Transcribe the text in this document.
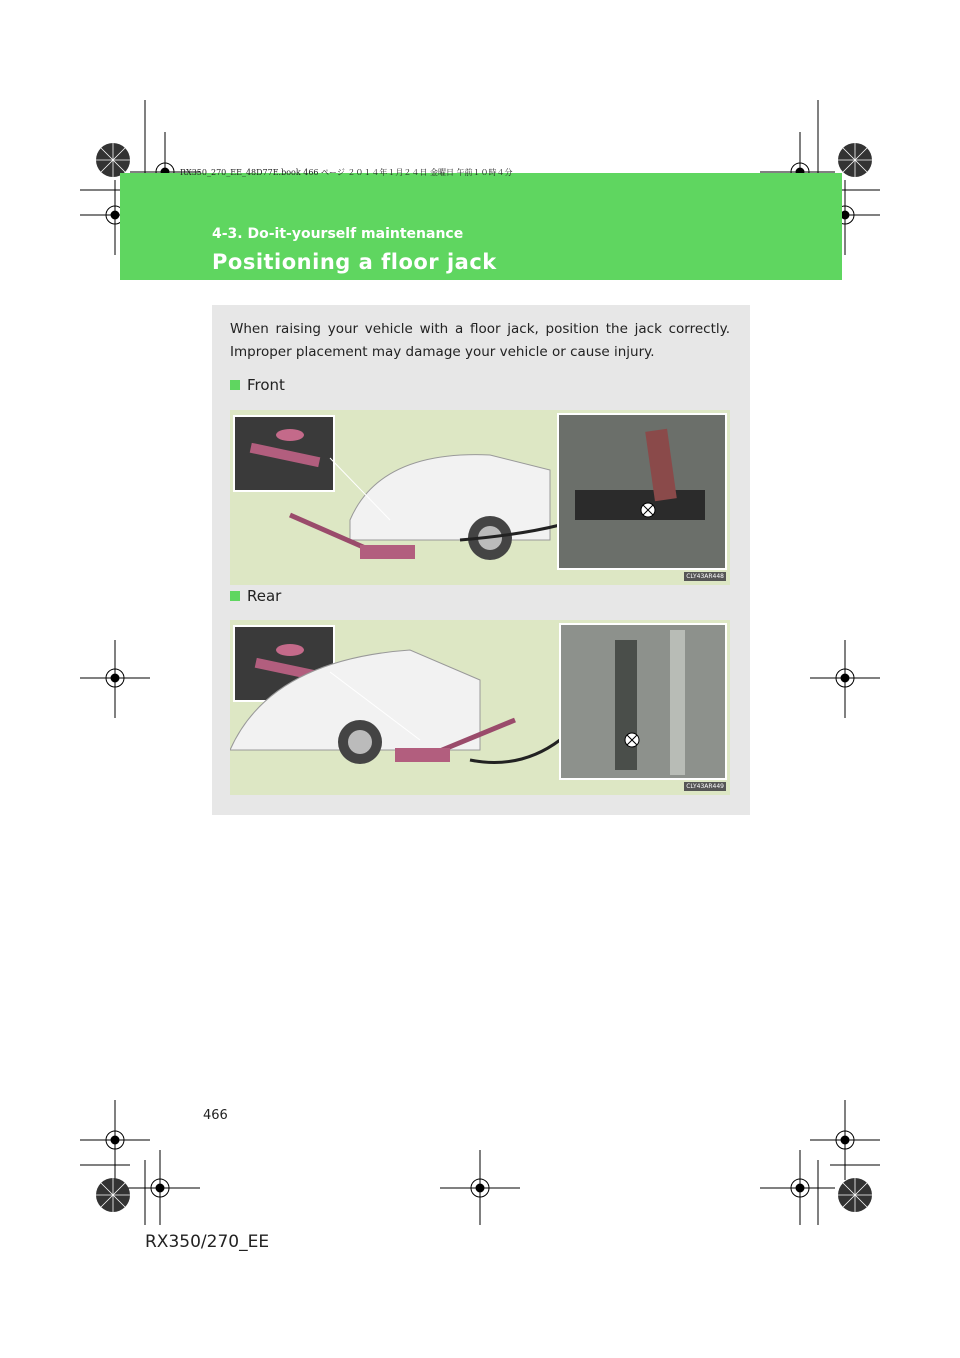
RX350_270_EE_48D77E.book 466 ページ ２０１４年１月２４日 金曜日 午前１０時４分
4-3. Do-it-yourself maintenance
Positioning a floor jack
When raising your vehicle with a floor jack, position the jack correctly. Improper placement may damage your vehicle or cause injury.
Front
CLY43AR448
Rear
CLY43AR449
466
RX350/270_EE
